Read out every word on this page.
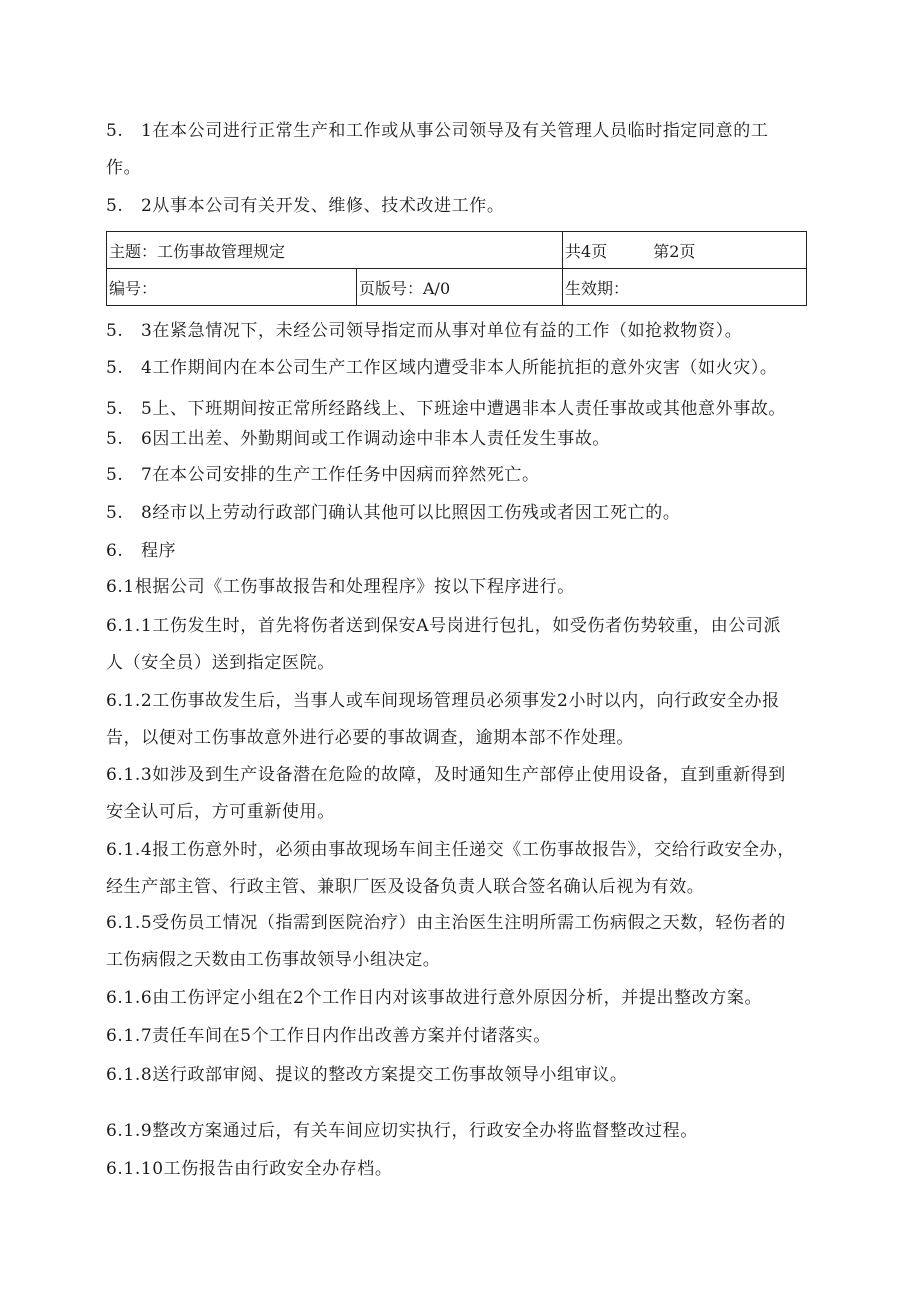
5.　1在本公司进行正常生产和工作或从事公司领导及有关管理人员临时指定同意的工
作。
5.　2从事本公司有关开发、维修、技术改进工作。
主题：工伤事故管理规定		共4页 第2页

编号：	页版号：A/0	生效期：
5.　3在紧急情况下，未经公司领导指定而从事对单位有益的工作（如抢救物资）。
5.　4工作期间内在本公司生产工作区域内遭受非本人所能抗拒的意外灾害（如火灾）。
5.　5上、下班期间按正常所经路线上、下班途中遭遇非本人责任事故或其他意外事故。
5.　6因工出差、外勤期间或工作调动途中非本人责任发生事故。
5.　7在本公司安排的生产工作任务中因病而猝然死亡。
5.　8经市以上劳动行政部门确认其他可以比照因工伤残或者因工死亡的。
6.　程序
6.1根据公司《工伤事故报告和处理程序》按以下程序进行。
6.1.1工伤发生时，首先将伤者送到保安A号岗进行包扎，如受伤者伤势较重，由公司派
人（安全员）送到指定医院。
6.1.2工伤事故发生后，当事人或车间现场管理员必须事发2小时以内，向行政安全办报
告，以便对工伤事故意外进行必要的事故调查，逾期本部不作处理。
6.1.3如涉及到生产设备潜在危险的故障，及时通知生产部停止使用设备，直到重新得到
安全认可后，方可重新使用。
6.1.4报工伤意外时，必须由事故现场车间主任递交《工伤事故报告》，交给行政安全办，
经生产部主管、行政主管、兼职厂医及设备负责人联合签名确认后视为有效。
6.1.5受伤员工情况（指需到医院治疗）由主治医生注明所需工伤病假之天数，轻伤者的
工伤病假之天数由工伤事故领导小组决定。
6.1.6由工伤评定小组在2个工作日内对该事故进行意外原因分析，并提出整改方案。
6.1.7责任车间在5个工作日内作出改善方案并付诸落实。
6.1.8送行政部审阅、提议的整改方案提交工伤事故领导小组审议。
6.1.9整改方案通过后，有关车间应切实执行，行政安全办将监督整改过程。
6.1.10工伤报告由行政安全办存档。
